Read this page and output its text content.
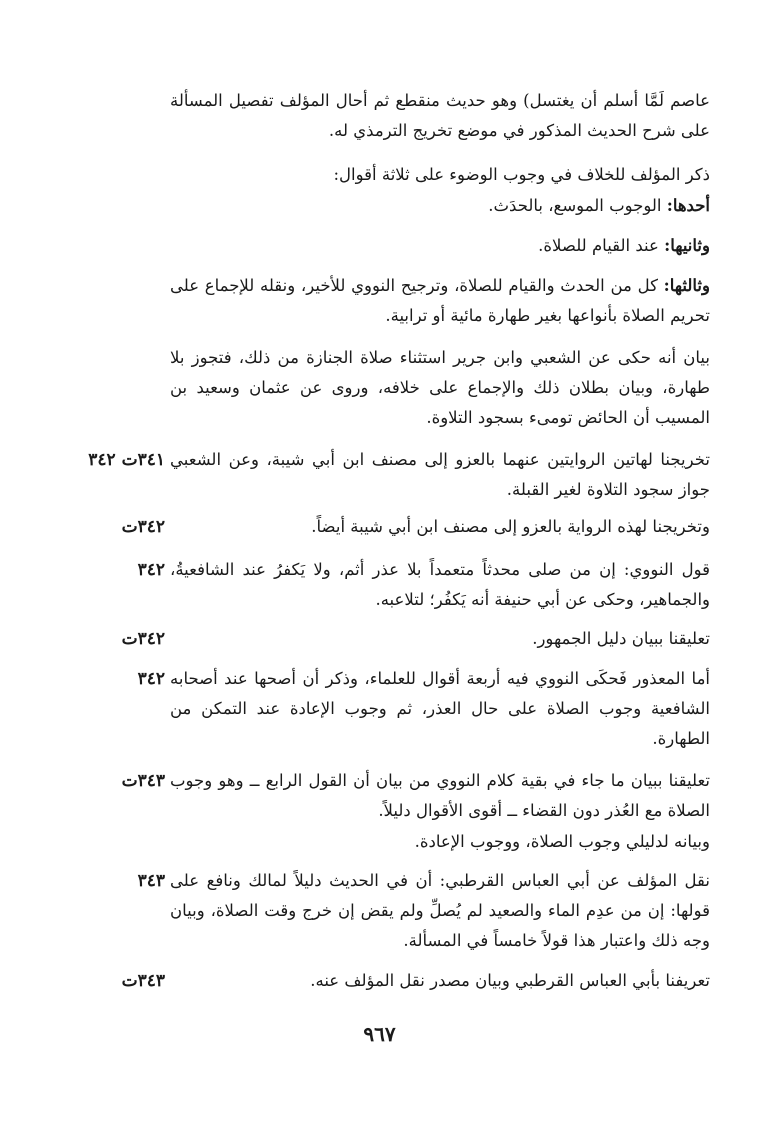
عاصم لَمَّا أسلم أن يغتسل) وهو حديث منقطع ثم أحال المؤلف تفصيل المسألة على شرح الحديث المذكور في موضع تخريج الترمذي له.
ذكر المؤلف للخلاف في وجوب الوضوء على ثلاثة أقوال:
أحدها: الوجوب الموسع، بالحدَث.
وثانيها: عند القيام للصلاة.
وثالثها: كل من الحدث والقيام للصلاة، وترجيح النووي للأخير، ونقله للإجماع على تحريم الصلاة بأنواعها بغير طهارة مائية أو ترابية.
بيان أنه حكى عن الشعبي وابن جرير استثناء صلاة الجنازة من ذلك، فتجوز بلا طهارة، وبيان بطلان ذلك والإجماع على خلافه، وروى عن عثمان وسعيد بن المسيب أن الحائض تومىء بسجود التلاوة.
تخريجنا لهاتين الروايتين عنهما بالعزو إلى مصنف ابن أبي شيبة، وعن الشعبي جواز سجود التلاوة لغير القبلة.
٣٤١ت ٣٤٢
وتخريجنا لهذه الرواية بالعزو إلى مصنف ابن أبي شيبة أيضاً.
٣٤٢ت
قول النووي: إن من صلى محدثاً متعمداً بلا عذر أثم، ولا يَكفرُ عند الشافعيةُ، والجماهير، وحكى عن أبي حنيفة أنه يَكفُر؛ لتلاعبه.
٣٤٢
تعليقنا ببيان دليل الجمهور.
٣٤٢ت
أما المعذور فَحكَى النووي فيه أربعة أقوال للعلماء، وذكر أن أصحها عند أصحابه الشافعية وجوب الصلاة على حال العذر، ثم وجوب الإعادة عند التمكن من الطهارة.
٣٤٢
تعليقنا ببيان ما جاء في بقية كلام النووي من بيان أن القول الرابع ــ وهو وجوب الصلاة مع العُذر دون القضاء ــ أقوى الأقوال دليلاً.
٣٤٣ت
وبيانه لدليلي وجوب الصلاة، ووجوب الإعادة.
نقل المؤلف عن أبي العباس القرطبي: أن في الحديث دليلاً لمالك ونافع على قولها: إن من عدِم الماء والصعيد لم يُصلِّ ولم يقض إن خرج وقت الصلاة، وبيان وجه ذلك واعتبار هذا قولاً خامساً في المسألة.
٣٤٣
تعريفنا بأبي العباس القرطبي وبيان مصدر نقل المؤلف عنه.
٣٤٣ت
٩٦٧
